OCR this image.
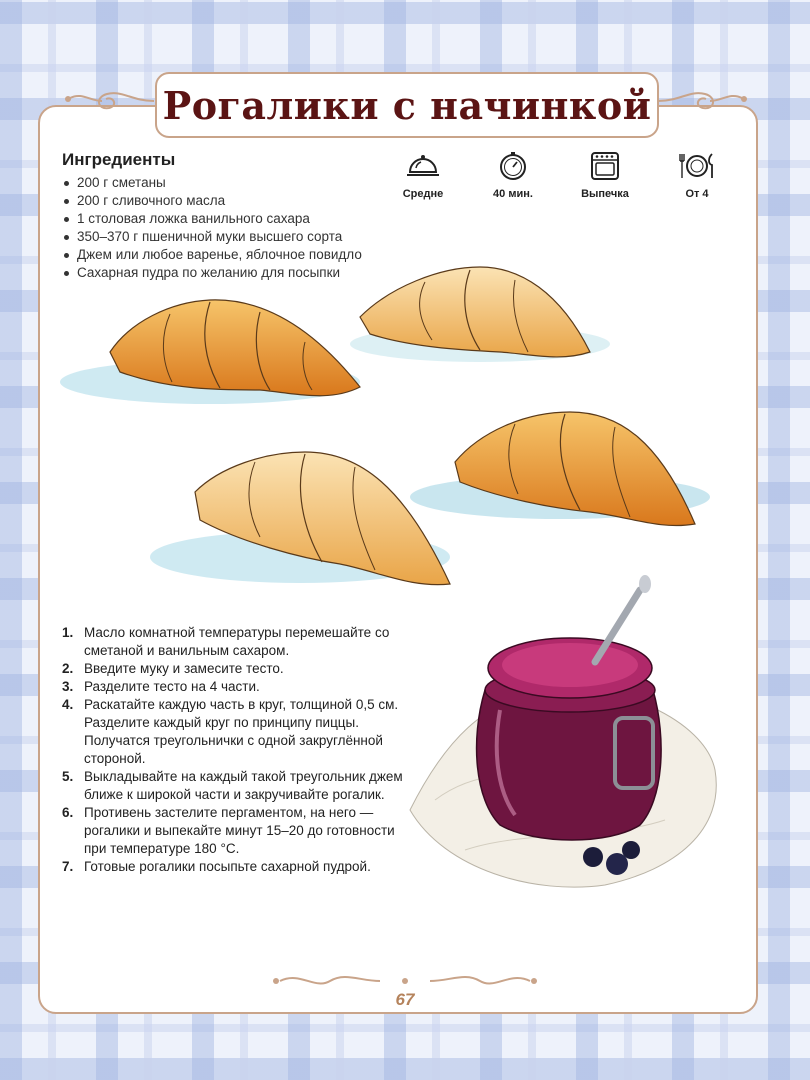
Рогалики с начинкой
Ингредиенты
200 г сметаны
200 г сливочного масла
1 столовая ложка ванильного сахара
350–370 г пшеничной муки высшего сорта
Джем или любое варенье, яблочное повидло
Сахарная пудра по желанию для посыпки
Средне	40 мин.	Выпечка	От 4
1. Масло комнатной температуры перемешайте со сметаной и ванильным сахаром.
2. Введите муку и замесите тесто.
3. Разделите тесто на 4 части.
4. Раскатайте каждую часть в круг, толщиной 0,5 см. Разделите каждый круг по принципу пиццы. Получатся треугольнички с одной закруглённой стороной.
5. Выкладывайте на каждый такой треугольник джем ближе к широкой части и закручивайте рогалик.
6. Противень застелите пергаментом, на него — рогалики и выпекайте минут 15–20 до готовности при температуре 180 °С.
7. Готовые рогалики посыпьте сахарной пудрой.
67
